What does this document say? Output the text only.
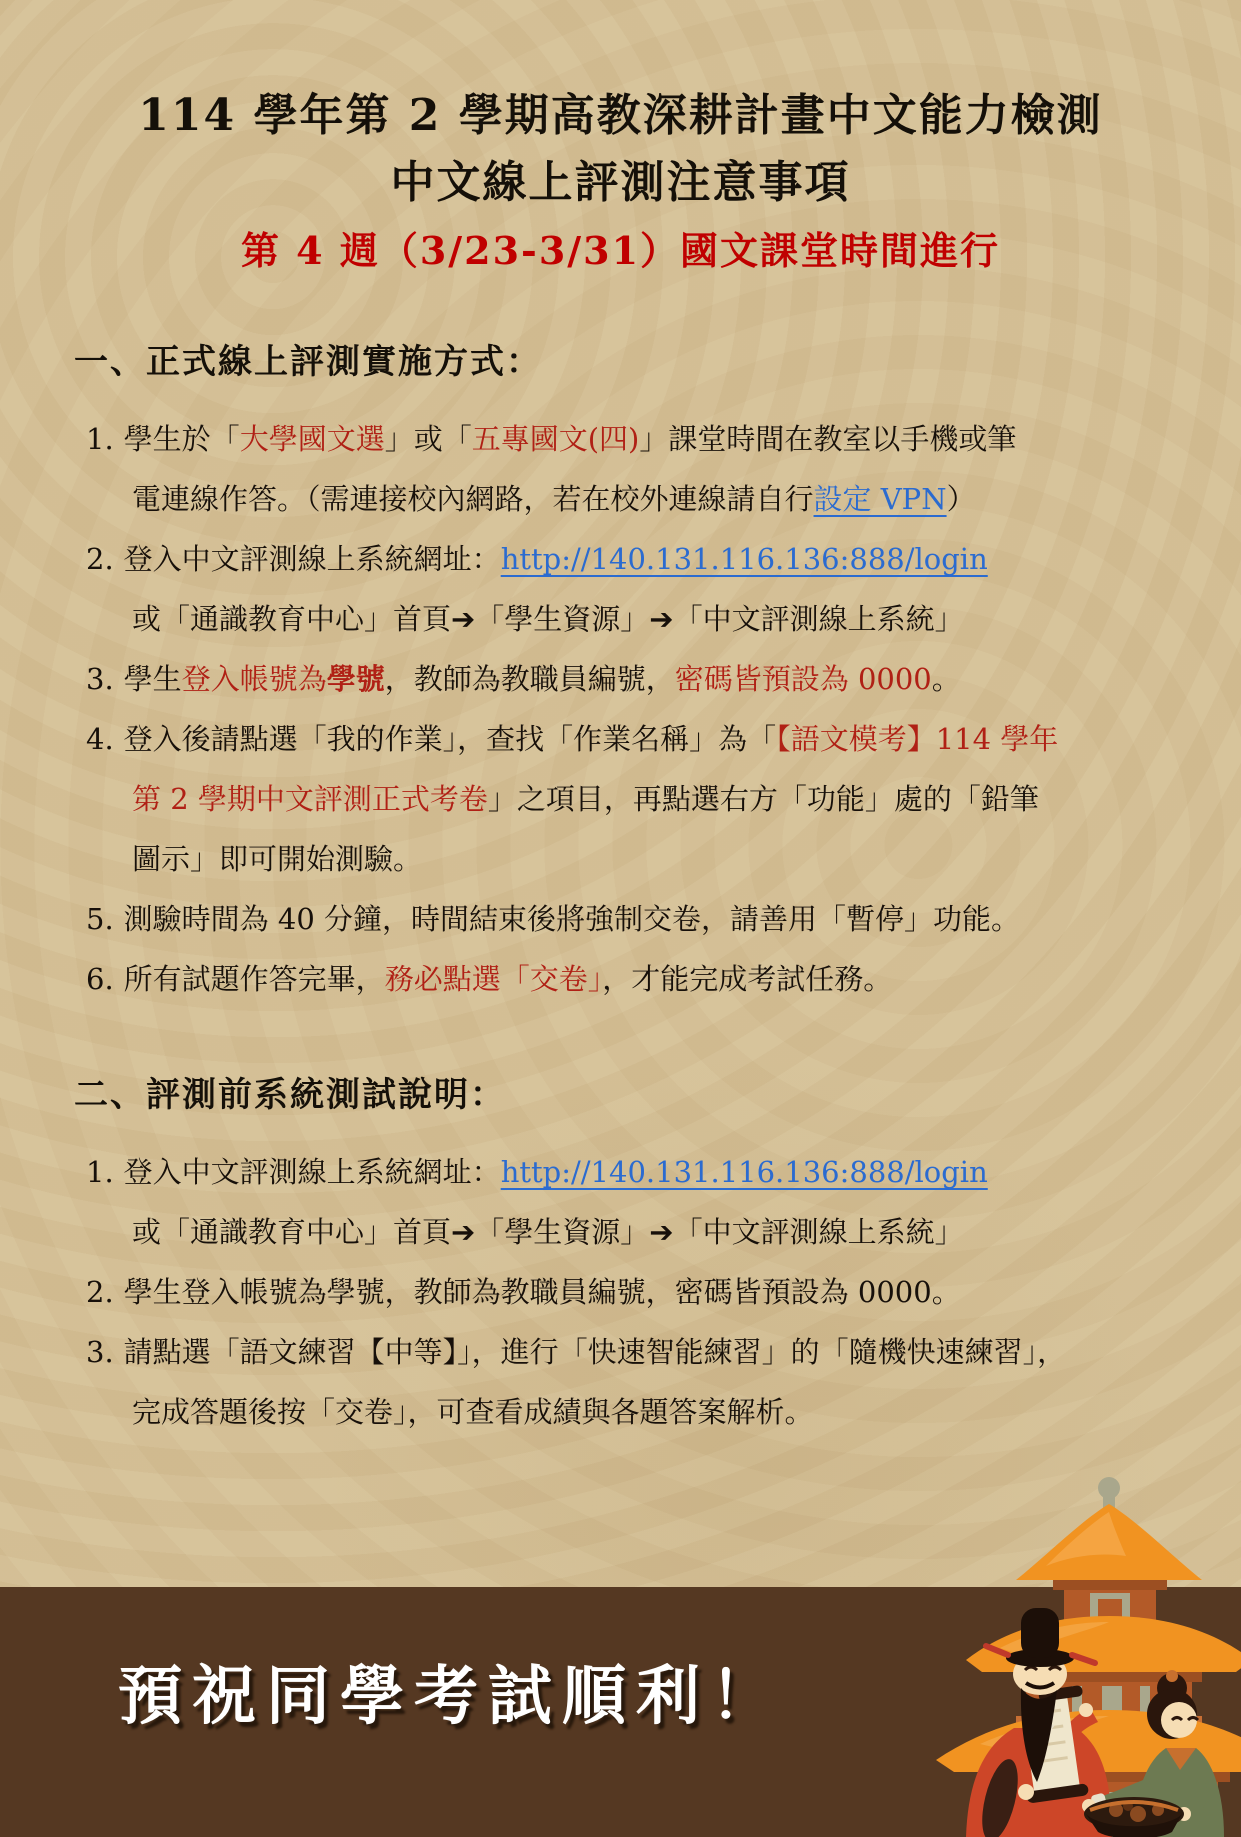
114 學年第 2 學期高教深耕計畫中文能力檢測
中文線上評測注意事項
第 4 週（3/23-3/31）國文課堂時間進行
一、正式線上評測實施方式：
1. 學生於「大學國文選」或「五專國文(四)」課堂時間在教室以手機或筆
電連線作答。（需連接校內網路，若在校外連線請自行設定 VPN）
2. 登入中文評測線上系統網址：http://140.131.116.136:888/login
或「通識教育中心」首頁➔「學生資源」➔「中文評測線上系統」
3. 學生登入帳號為學號，教師為教職員編號，密碼皆預設為 0000。
4. 登入後請點選「我的作業」，查找「作業名稱」為「【語文模考】114 學年
第 2 學期中文評測正式考卷」之項目，再點選右方「功能」處的「鉛筆
圖示」即可開始測驗。
5. 測驗時間為 40 分鐘，時間結束後將強制交卷，請善用「暫停」功能。
6. 所有試題作答完畢，務必點選「交卷」，才能完成考試任務。
二、評測前系統測試說明：
1. 登入中文評測線上系統網址：http://140.131.116.136:888/login
或「通識教育中心」首頁➔「學生資源」➔「中文評測線上系統」
2. 學生登入帳號為學號，教師為教職員編號，密碼皆預設為 0000。
3. 請點選「語文練習【中等】」，進行「快速智能練習」的「隨機快速練習」，
完成答題後按「交卷」，可查看成績與各題答案解析。
預祝同學考試順利！
